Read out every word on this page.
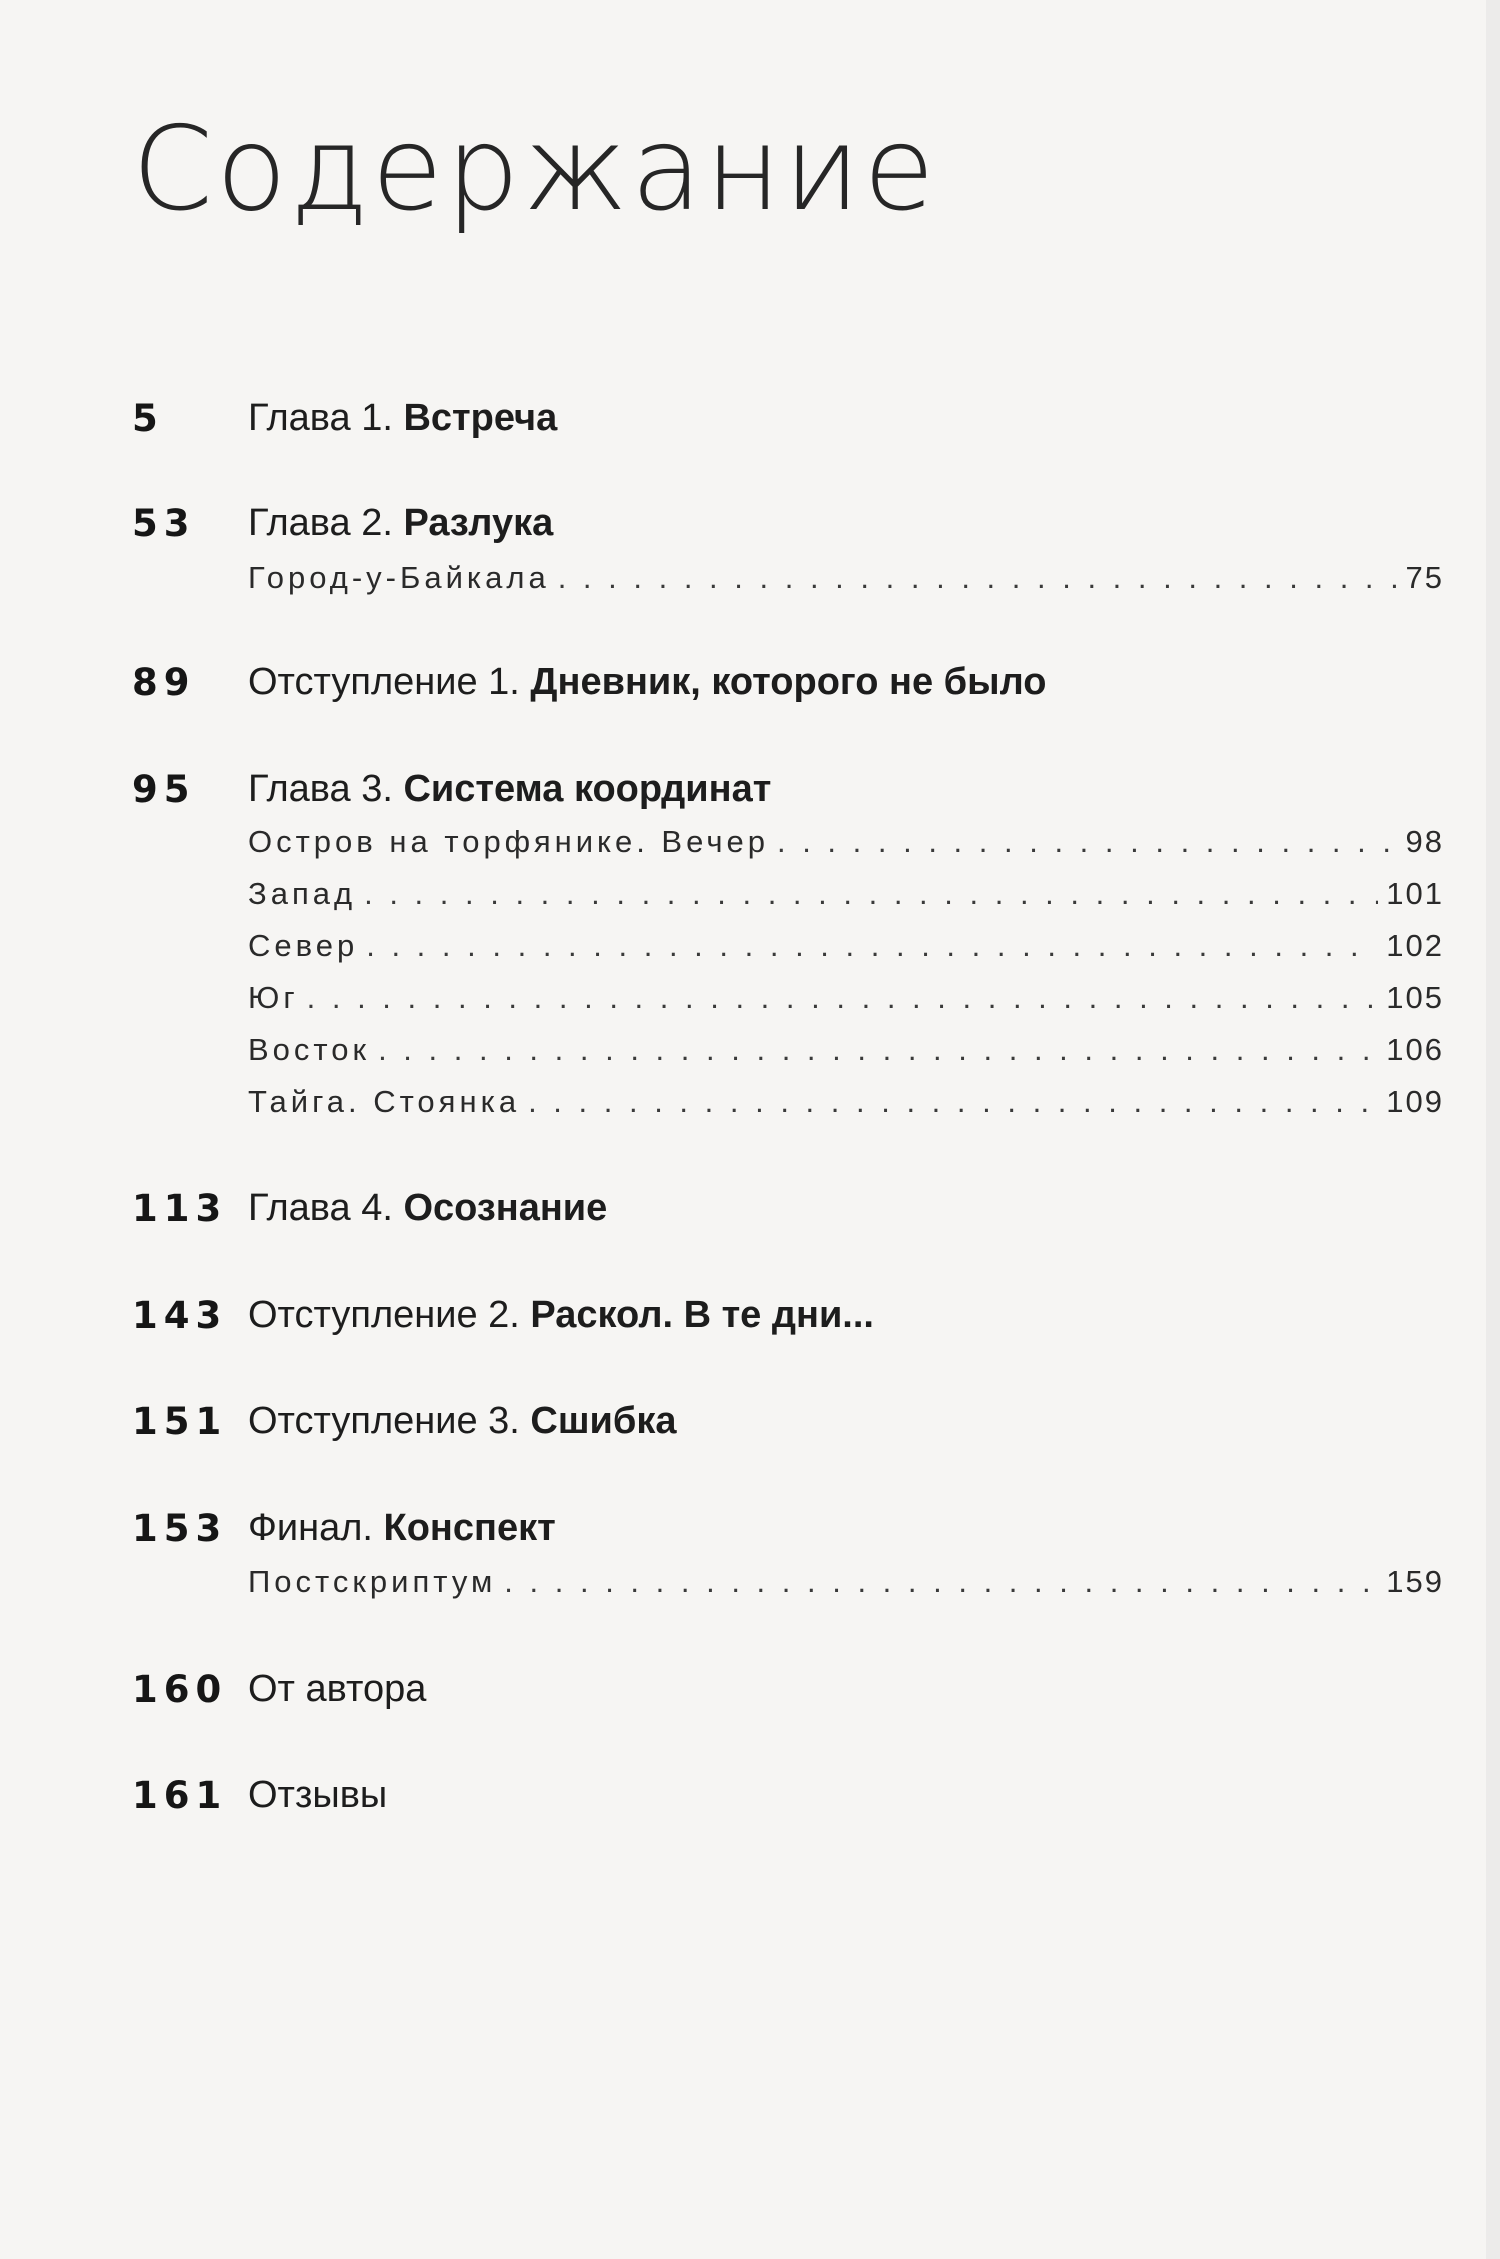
Содержание
5	Глава 1. Встреча
53	Глава 2. Разлука
Город-у-Байкала . . .	75
89	Отступление 1. Дневник, которого не было
95	Глава 3. Система координат
Остров на торфянике. Вечер . . .	98
Запад . . .	101
Север . . .	102
Юг . . .	105
Восток . . .	106
Тайга. Стоянка . . .	109
113 Глава 4. Осознание
143 Отступление 2. Раскол. В те дни...
151 Отступление 3. Сшибка
153 Финал. Конспект
Постскриптум . . .	159
160 От автора
161 Отзывы
